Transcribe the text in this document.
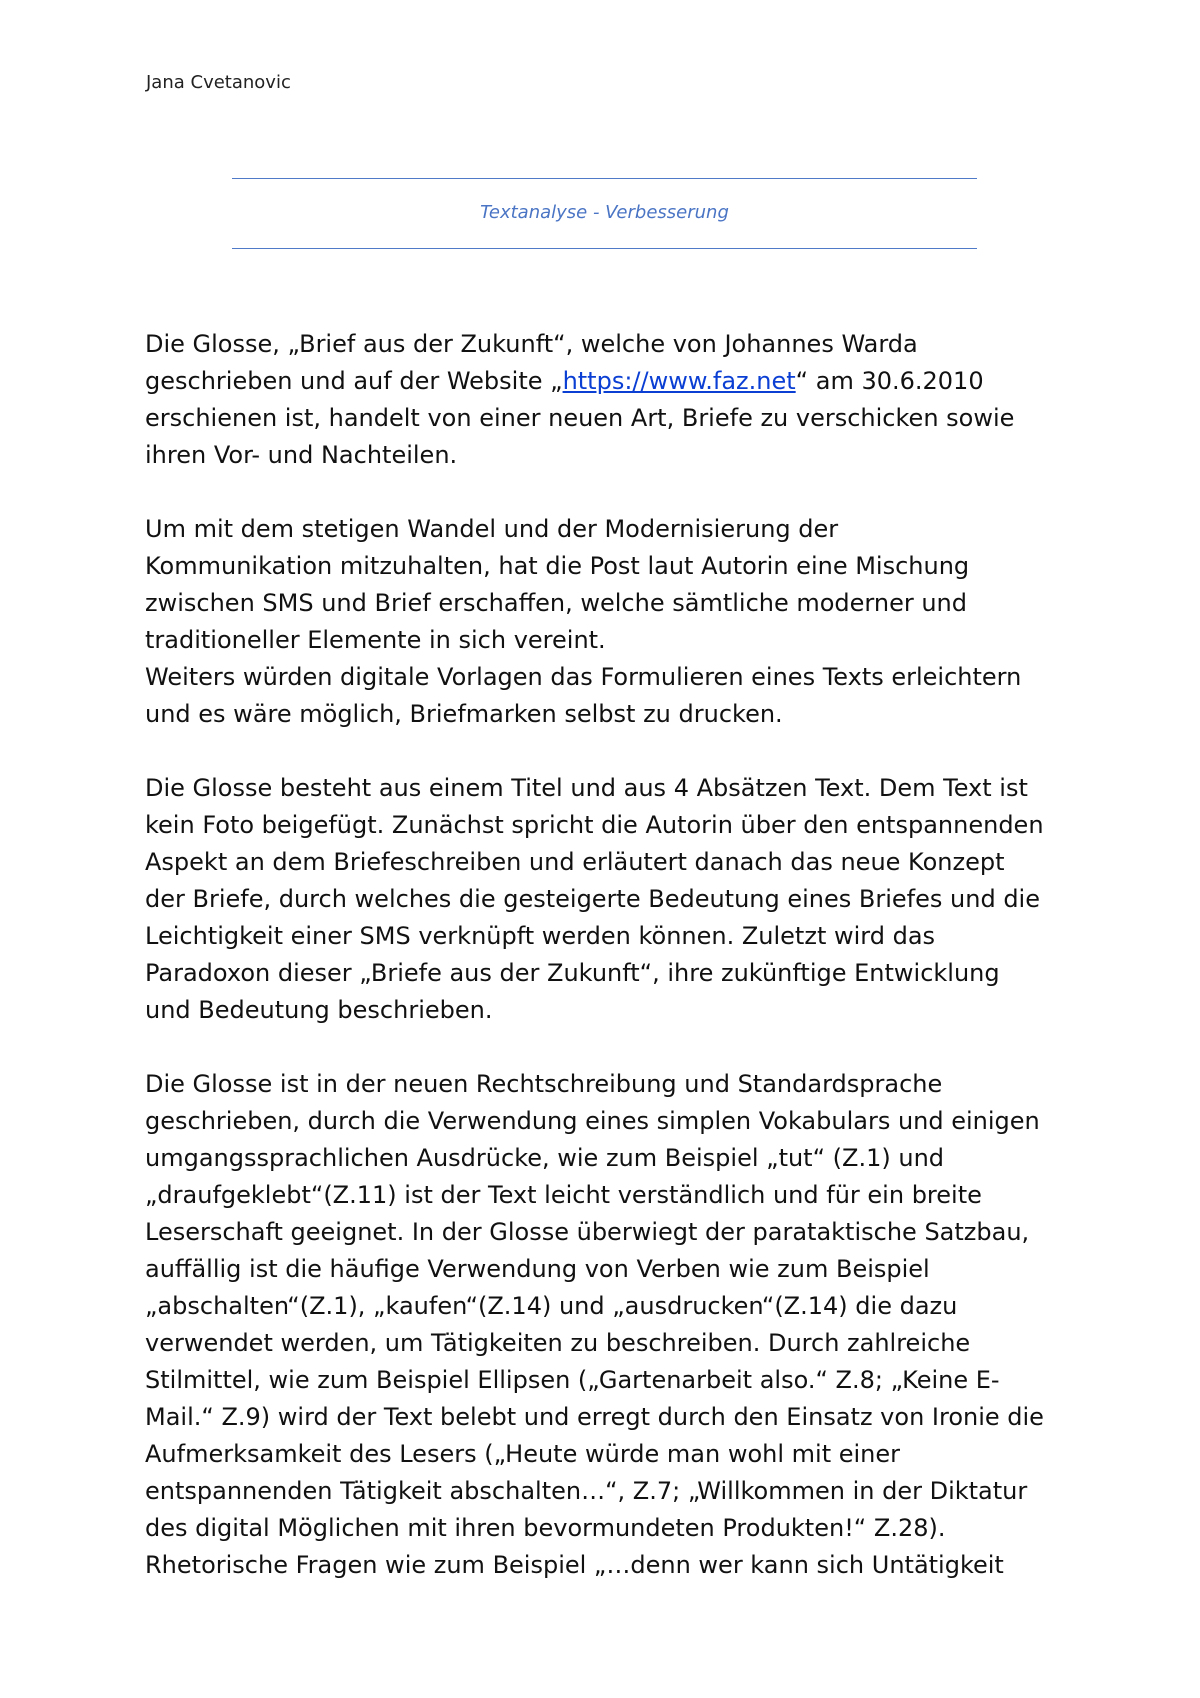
Jana Cvetanovic
Textanalyse - Verbesserung
Die Glosse, „Brief aus der Zukunft“, welche von Johannes Warda
geschrieben und auf der Website „https://www.faz.net“ am 30.6.2010
erschienen ist, handelt von einer neuen Art, Briefe zu verschicken sowie
ihren Vor- und Nachteilen.
Um mit dem stetigen Wandel und der Modernisierung der
Kommunikation mitzuhalten, hat die Post laut Autorin eine Mischung
zwischen SMS und Brief erschaffen, welche sämtliche moderner und
traditioneller Elemente in sich vereint.
Weiters würden digitale Vorlagen das Formulieren eines Texts erleichtern
und es wäre möglich, Briefmarken selbst zu drucken.
Die Glosse besteht aus einem Titel und aus 4 Absätzen Text. Dem Text ist
kein Foto beigefügt. Zunächst spricht die Autorin über den entspannenden
Aspekt an dem Briefeschreiben und erläutert danach das neue Konzept
der Briefe, durch welches die gesteigerte Bedeutung eines Briefes und die
Leichtigkeit einer SMS verknüpft werden können. Zuletzt wird das
Paradoxon dieser „Briefe aus der Zukunft“, ihre zukünftige Entwicklung
und Bedeutung beschrieben.
Die Glosse ist in der neuen Rechtschreibung und Standardsprache
geschrieben, durch die Verwendung eines simplen Vokabulars und einigen
umgangssprachlichen Ausdrücke, wie zum Beispiel „tut“ (Z.1) und
„draufgeklebt“(Z.11) ist der Text leicht verständlich und für ein breite
Leserschaft geeignet. In der Glosse überwiegt der parataktische Satzbau,
auffällig ist die häufige Verwendung von Verben wie zum Beispiel
„abschalten“(Z.1), „kaufen“(Z.14) und „ausdrucken“(Z.14) die dazu
verwendet werden, um Tätigkeiten zu beschreiben. Durch zahlreiche
Stilmittel, wie zum Beispiel Ellipsen („Gartenarbeit also.“ Z.8; „Keine E-
Mail.“ Z.9) wird der Text belebt und erregt durch den Einsatz von Ironie die
Aufmerksamkeit des Lesers („Heute würde man wohl mit einer
entspannenden Tätigkeit abschalten…“, Z.7; „Willkommen in der Diktatur
des digital Möglichen mit ihren bevormundeten Produkten!“ Z.28).
Rhetorische Fragen wie zum Beispiel „…denn wer kann sich Untätigkeit
